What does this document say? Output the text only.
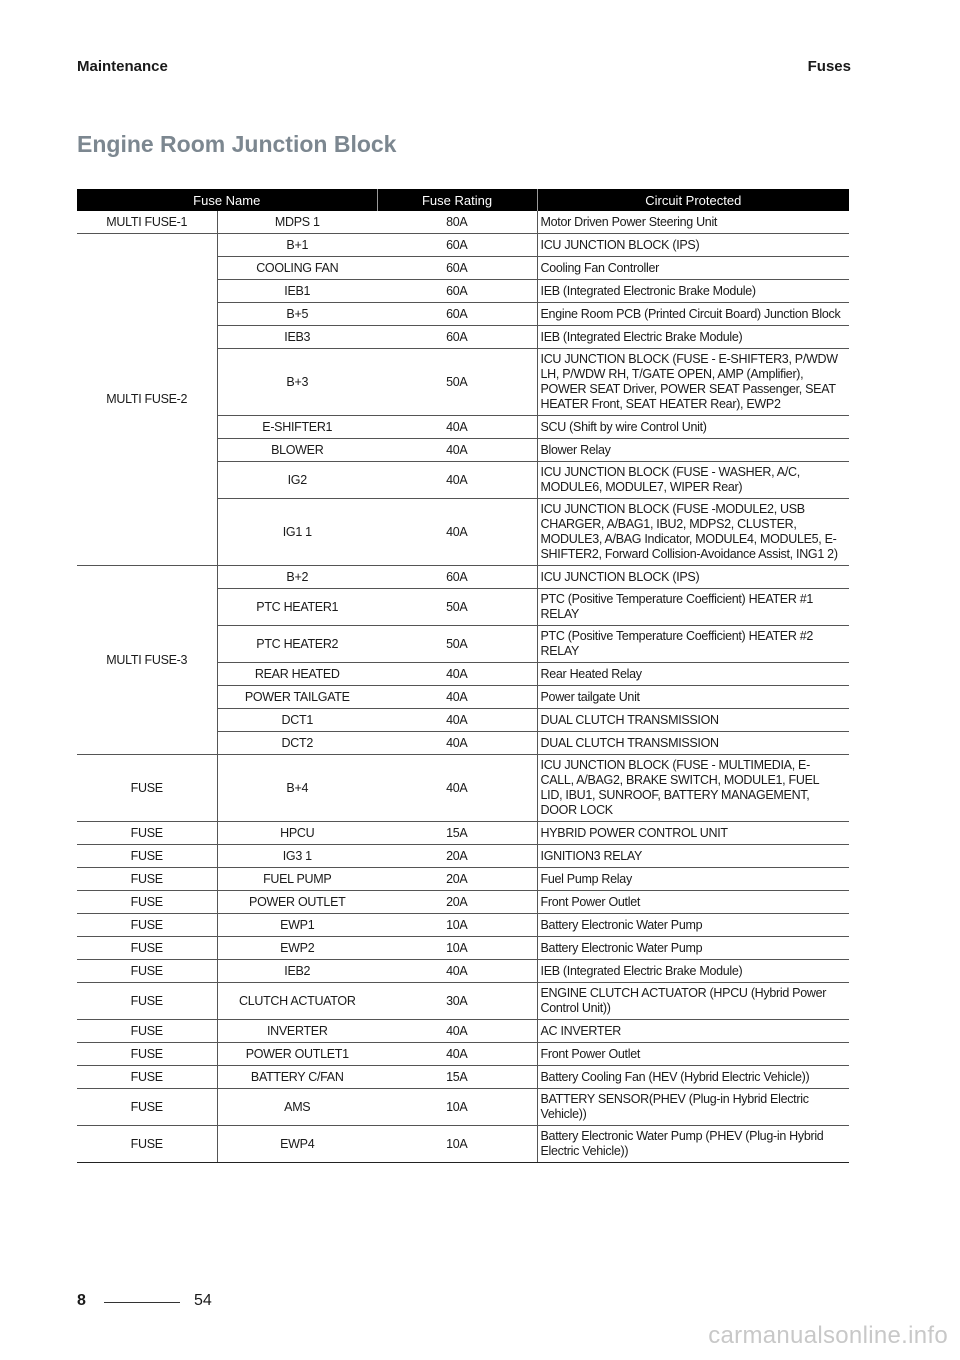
Maintenance	Fuses
Engine Room Junction Block
Fuse Name		Fuse Rating	Circuit Protected
MULTI FUSE-1	MDPS 1	80A	Motor Driven Power Steering Unit
MULTI FUSE-2	B+1	60A	ICU JUNCTION BLOCK (IPS)
	COOLING FAN	60A	Cooling Fan Controller
	IEB1	60A	IEB (Integrated Electronic Brake Module)
	B+5	60A	Engine Room PCB (Printed Circuit Board) Junction Block
	IEB3	60A	IEB (Integrated Electric Brake Module)
	B+3	50A	ICU JUNCTION BLOCK (FUSE - E-SHIFTER3, P/WDW LH, P/WDW RH, T/GATE OPEN, AMP (Amplifier), POWER SEAT Driver, POWER SEAT Passenger, SEAT HEATER Front, SEAT HEATER Rear), EWP2
	E-SHIFTER1	40A	SCU (Shift by wire Control Unit)
	BLOWER	40A	Blower Relay
	IG2	40A	ICU JUNCTION BLOCK (FUSE - WASHER, A/C, MODULE6, MODULE7, WIPER Rear)
	IG1 1	40A	ICU JUNCTION BLOCK (FUSE -MODULE2, USB CHARGER, A/BAG1, IBU2, MDPS2, CLUSTER, MODULE3, A/BAG Indicator, MODULE4, MODULE5, E-SHIFTER2, Forward Collision-Avoidance Assist, ING1 2)
MULTI FUSE-3	B+2	60A	ICU JUNCTION BLOCK (IPS)
	PTC HEATER1	50A	PTC (Positive Temperature Coefficient) HEATER #1 RELAY
	PTC HEATER2	50A	PTC (Positive Temperature Coefficient) HEATER #2 RELAY
	REAR HEATED	40A	Rear Heated Relay
	POWER TAILGATE	40A	Power tailgate Unit
	DCT1	40A	DUAL CLUTCH TRANSMISSION
	DCT2	40A	DUAL CLUTCH TRANSMISSION
FUSE	B+4	40A	ICU JUNCTION BLOCK (FUSE - MULTIMEDIA, E-CALL, A/BAG2, BRAKE SWITCH, MODULE1, FUEL LID, IBU1, SUNROOF, BATTERY MANAGEMENT, DOOR LOCK
FUSE	HPCU	15A	HYBRID POWER CONTROL UNIT
FUSE	IG3 1	20A	IGNITION3 RELAY
FUSE	FUEL PUMP	20A	Fuel Pump Relay
FUSE	POWER OUTLET	20A	Front Power Outlet
FUSE	EWP1	10A	Battery Electronic Water Pump
FUSE	EWP2	10A	Battery Electronic Water Pump
FUSE	IEB2	40A	IEB (Integrated Electric Brake Module)
FUSE	CLUTCH ACTUATOR	30A	ENGINE CLUTCH ACTUATOR (HPCU (Hybrid Power Control Unit))
FUSE	INVERTER	40A	AC INVERTER
FUSE	POWER OUTLET1	40A	Front Power Outlet
FUSE	BATTERY C/FAN	15A	Battery Cooling Fan (HEV (Hybrid Electric Vehicle))
FUSE	AMS	10A	BATTERY SENSOR(PHEV (Plug-in Hybrid Electric Vehicle))
FUSE	EWP4	10A	Battery Electronic Water Pump (PHEV (Plug-in Hybrid Electric Vehicle))
8	54
carmanualsonline.info
